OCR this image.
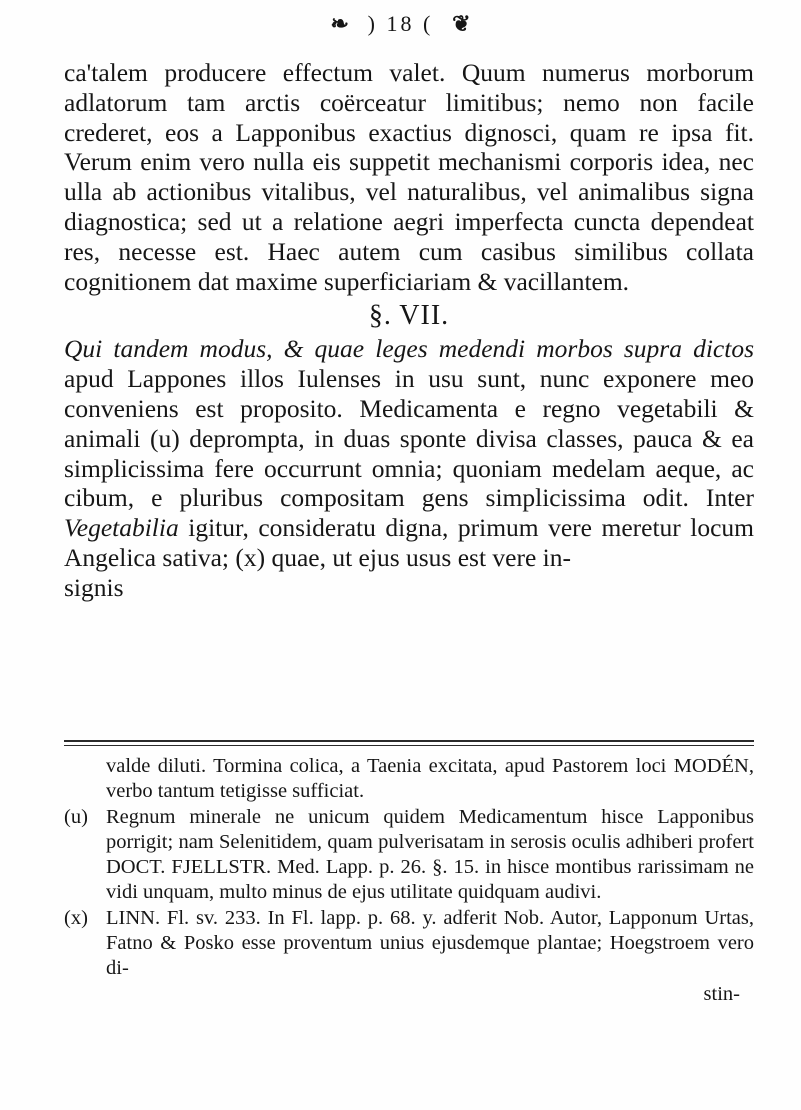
❧ ) 18 ( ❦

ca'talem producere effectum valet. Quum numerus morborum adlatorum tam arctis coërceatur limitibus; nemo non facile crederet, eos a Lapponibus exactius dignosci, quam re ipsa fit. Verum enim vero nulla eis suppetit mechanismi corporis idea, nec ulla ab actionibus vitalibus, vel naturalibus, vel animalibus signa diagnostica; sed ut a relatione aegri imperfecta cuncta dependeat res, necesse est. Haec autem cum casibus similibus collata cognitionem dat maxime superficiariam & vacillantem.

§. VII.

Qui tandem modus, & quae leges medendi morbos supra dictos apud Lappones illos Iulenses in usu sunt, nunc exponere meo conveniens est proposito. Medicamenta e regno vegetabili & animali (u) deprompta, in duas sponte divisa classes, pauca & ea simplicissima fere occurrunt omnia; quoniam medelam aeque, ac cibum, e pluribus compositam gens simplicissima odit. Inter Vegetabilia igitur, consideratu digna, primum vere meretur locum Angelica sativa; (x) quae, ut ejus usus est vere in-

signis

valde diluti. Tormina colica, a Taenia excitata, apud Pastorem loci MODÉN, verbo tantum tetigisse sufficiat.

(u) Regnum minerale ne unicum quidem Medicamentum hisce Lapponibus porrigit; nam Selenitidem, quam pulverisatam in serosis oculis adhiberi profert DOCT. FJELLSTR. Med. Lapp. p. 26. §. 15. in hisce montibus rarissimam ne vidi unquam, multo minus de ejus utilitate quidquam audivi.

(x) LINN. Fl. sv. 233. In Fl. lapp. p. 68. y. adferit Nob. Autor, Lapponum Urtas, Fatno & Posko esse proventum unius ejusdemque plantae; Hoegstroem vero di-

stin-
